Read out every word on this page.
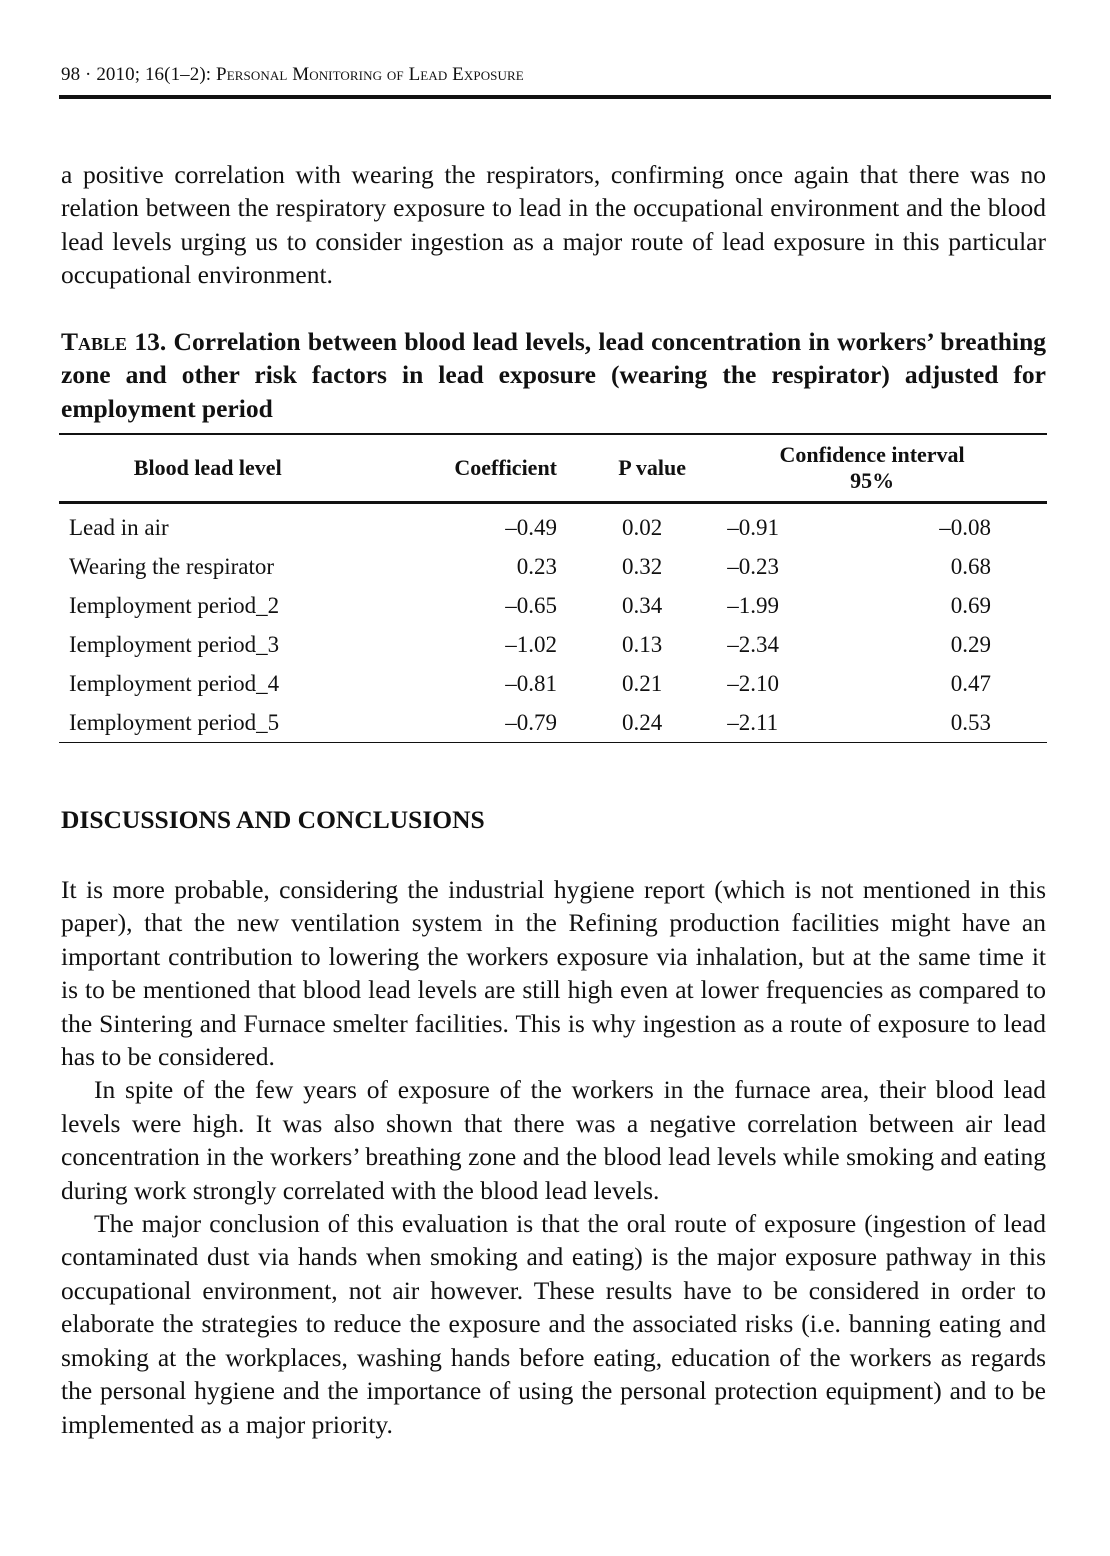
98 · 2010; 16(1–2): Personal Monitoring of Lead Exposure

a positive correlation with wearing the respirators, confirming once again that there was no relation between the respiratory exposure to lead in the occupational environment and the blood lead levels urging us to consider ingestion as a major route of lead exposure in this particular occupational environment.

Table 13. Correlation between blood lead levels, lead concentration in workers’ breathing zone and other risk factors in lead exposure (wearing the respirator) adjusted for employment period
Blood lead level	Coefficient	P value	Confidence interval
95%	

Lead in air	–0.49	0.02	–0.91	–0.08
Wearing the respirator	0.23	0.32	–0.23	0.68
Iemployment period_2	–0.65	0.34	–1.99	0.69
Iemployment period_3	–1.02	0.13	–2.34	0.29
Iemployment period_4	–0.81	0.21	–2.10	0.47
Iemployment period_5	–0.79	0.24	–2.11	0.53
DISCUSSIONS AND CONCLUSIONS

It is more probable, considering the industrial hygiene report (which is not mentioned in this paper), that the new ventilation system in the Refining production facilities might have an important contribution to lowering the workers exposure via inhalation, but at the same time it is to be mentioned that blood lead levels are still high even at lower frequencies as compared to the Sintering and Furnace smelter facilities. This is why ingestion as a route of exposure to lead has to be considered.

In spite of the few years of exposure of the workers in the furnace area, their blood lead levels were high. It was also shown that there was a negative correlation between air lead concentration in the workers’ breathing zone and the blood lead levels while smoking and eating during work strongly correlated with the blood lead levels.

The major conclusion of this evaluation is that the oral route of exposure (ingestion of lead contaminated dust via hands when smoking and eating) is the major exposure pathway in this occupational environment, not air however. These results have to be considered in order to elaborate the strategies to reduce the exposure and the associated risks (i.e. banning eating and smoking at the workplaces, washing hands before eating, education of the workers as regards the personal hygiene and the importance of using the personal protection equipment) and to be implemented as a major priority.
